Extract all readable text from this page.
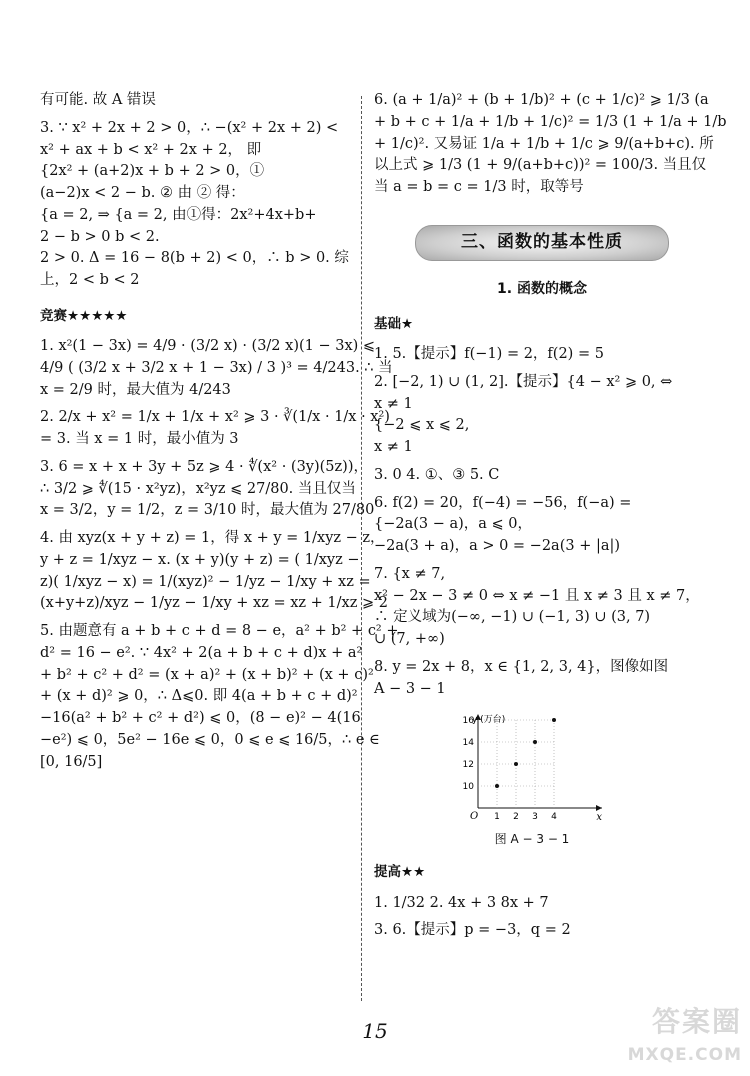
有可能. 故 A 错误
3. ∵ x² + 2x + 2 > 0，∴ −(x² + 2x + 2) <
x² + ax + b < x² + 2x + 2， 即
{2x² + (a+2)x + b + 2 > 0，①
(a−2)x < 2 − b. ② 由 ② 得：
{a = 2, ⇒ {a = 2, 由①得：2x²+4x+b+
2 − b > 0 b < 2.
2 > 0. Δ = 16 − 8(b + 2) < 0，∴ b > 0. 综
上，2 < b < 2
竞赛★★★★★
1. x²(1 − 3x) = 4/9 · (3/2 x) · (3/2 x)(1 − 3x) ⩽
4/9 ( (3/2 x + 3/2 x + 1 − 3x) / 3 )³ = 4/243. ∴ 当
x = 2/9 时，最大值为 4/243
2. 2/x + x² = 1/x + 1/x + x² ⩾ 3 · ∛(1/x · 1/x · x²)
= 3. 当 x = 1 时，最小值为 3
3. 6 = x + x + 3y + 5z ⩾ 4 · ∜(x² · (3y)(5z))，
∴ 3/2 ⩾ ∜(15 · x²yz)，x²yz ⩽ 27/80. 当且仅当
x = 3/2，y = 1/2，z = 3/10 时，最大值为 27/80
4. 由 xyz(x + y + z) = 1，得 x + y = 1/xyz − z，
y + z = 1/xyz − x. (x + y)(y + z) = ( 1/xyz −
z)( 1/xyz − x) = 1/(xyz)² − 1/yz − 1/xy + xz =
(x+y+z)/xyz − 1/yz − 1/xy + xz = xz + 1/xz ⩾ 2
5. 由题意有 a + b + c + d = 8 − e，a² + b² + c² +
d² = 16 − e². ∵ 4x² + 2(a + b + c + d)x + a²
+ b² + c² + d² = (x + a)² + (x + b)² + (x + c)²
+ (x + d)² ⩾ 0，∴ Δ⩽0. 即 4(a + b + c + d)²
−16(a² + b² + c² + d²) ⩽ 0，(8 − e)² − 4(16
−e²) ⩽ 0，5e² − 16e ⩽ 0，0 ⩽ e ⩽ 16/5，∴ e ∈
[0, 16/5]
6. (a + 1/a)² + (b + 1/b)² + (c + 1/c)² ⩾ 1/3 (a
+ b + c + 1/a + 1/b + 1/c)² = 1/3 (1 + 1/a + 1/b
+ 1/c)². 又易证 1/a + 1/b + 1/c ⩾ 9/(a+b+c). 所
以上式 ⩾ 1/3 (1 + 9/(a+b+c))² = 100/3. 当且仅
当 a = b = c = 1/3 时，取等号
三、函数的基本性质
1. 函数的概念
基础★
1. 5.【提示】f(−1) = 2，f(2) = 5
2. [−2, 1) ∪ (1, 2].【提示】{4 − x² ⩾ 0, ⇔
x ≠ 1
{−2 ⩽ x ⩽ 2,
x ≠ 1
3. 0 4. ①、③ 5. C
6. f(2) = 20，f(−4) = −56，f(−a) =
{−2a(3 − a)，a ⩽ 0，
−2a(3 + a)，a > 0 = −2a(3 + |a|)
7. {x ≠ 7,
x² − 2x − 3 ≠ 0 ⇔ x ≠ −1 且 x ≠ 3 且 x ≠ 7，
∴ 定义域为(−∞, −1) ∪ (−1, 3) ∪ (3, 7)
∪ (7, +∞)
8. y = 2x + 8，x ∈ {1, 2, 3, 4}，图像如图
A − 3 − 1
1 2 3 4
10
12
14
16
O	x
y (万台)
图 A − 3 − 1
提高★★
1. 1/32 2. 4x + 3 8x + 7
3. 6.【提示】p = −3，q = 2
15	答案圈
MXQE.COM
